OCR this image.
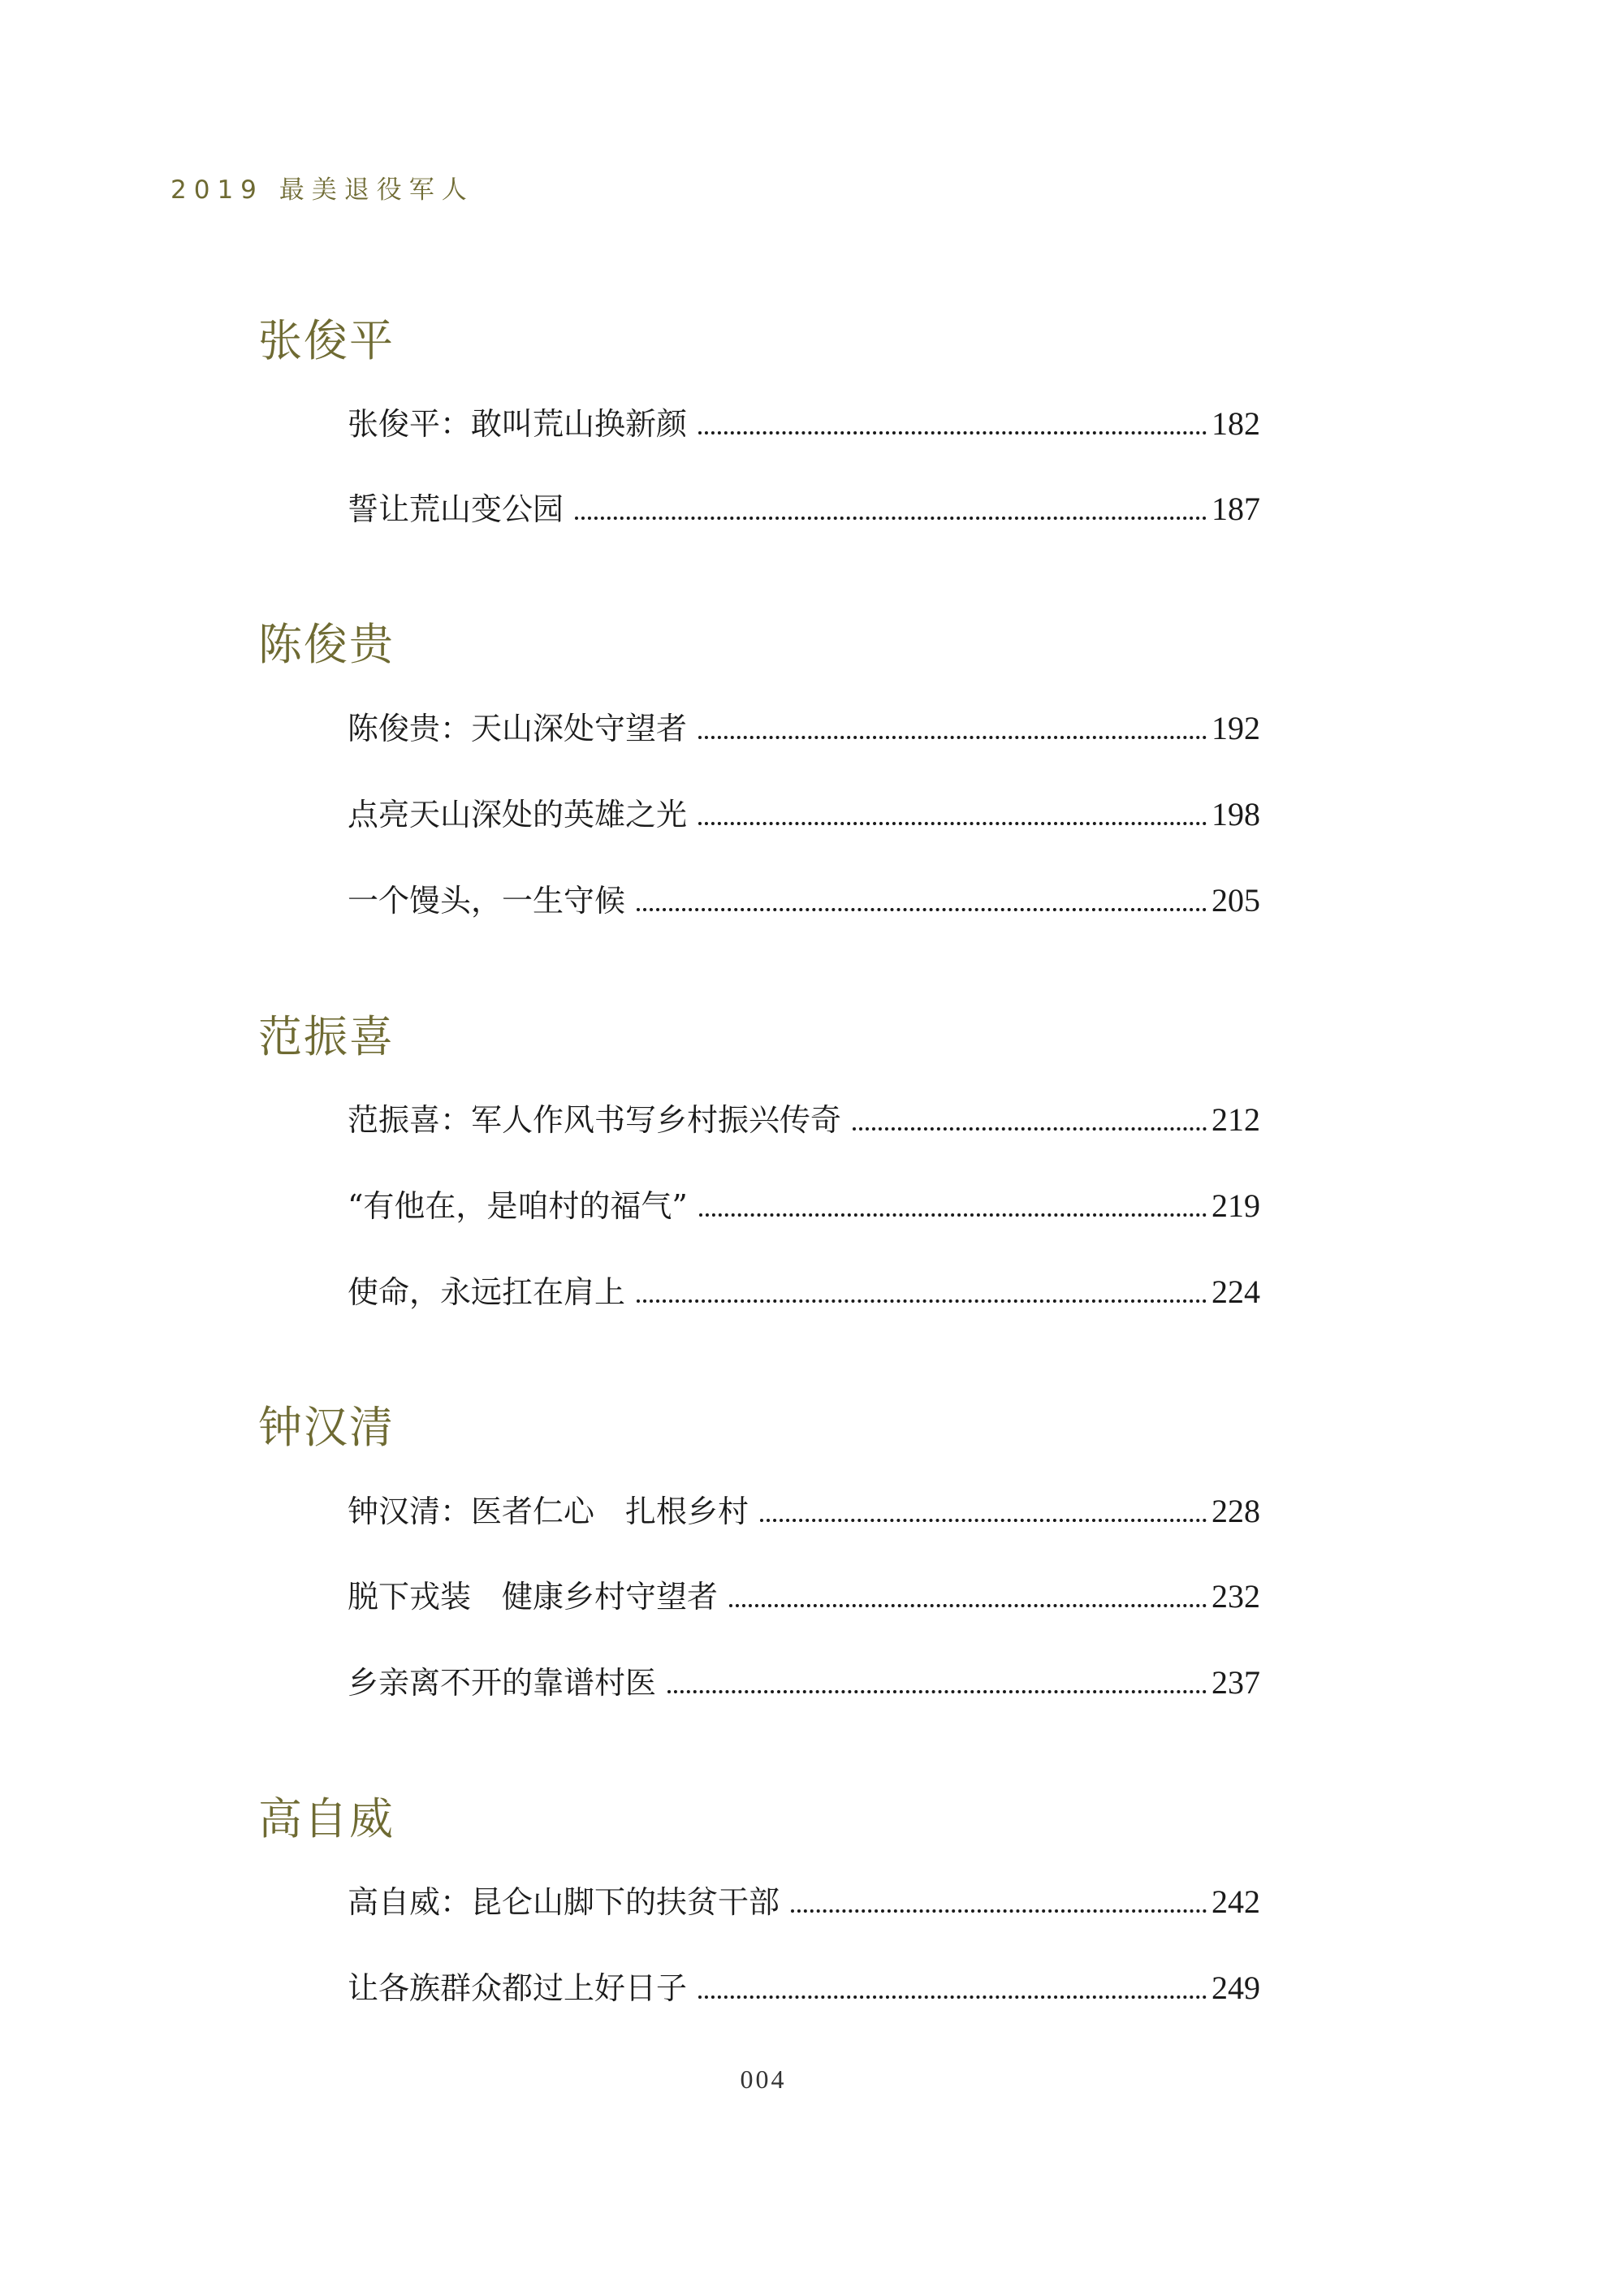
2019 最美退役军人
张俊平
张俊平：敢叫荒山换新颜	182
誓让荒山变公园	187
陈俊贵
陈俊贵：天山深处守望者	192
点亮天山深处的英雄之光	198
一个馒头，一生守候	205
范振喜
范振喜：军人作风书写乡村振兴传奇	212
“有他在，是咱村的福气”	219
使命，永远扛在肩上	224
钟汉清
钟汉清：医者仁心　扎根乡村	228
脱下戎装　健康乡村守望者	232
乡亲离不开的靠谱村医	237
高自威
高自威：昆仑山脚下的扶贫干部	242
让各族群众都过上好日子	249
004
